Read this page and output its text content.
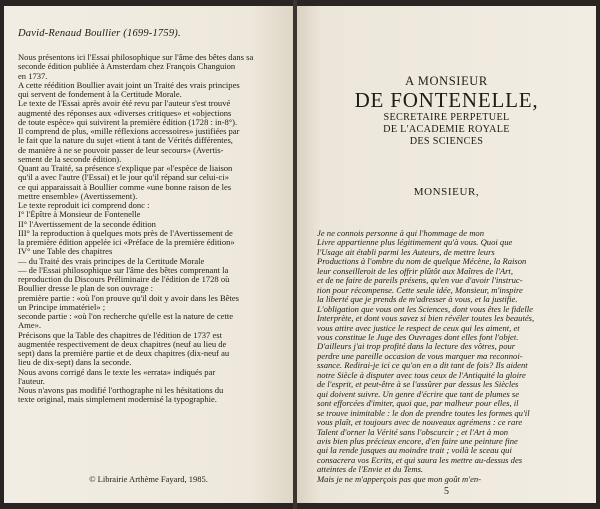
David-Renaud Boullier (1699-1759).
Nous présentons ici l'Essai philosophique sur l'âme des bêtes dans sa
seconde édition publiée à Amsterdam chez François Changuion
en 1737.
A cette réédition Boullier avait joint un Traité des vrais principes
qui servent de fondement à la Certitude Morale.
Le texte de l'Essai après avoir été revu par l'auteur s'est trouvé
augmenté des réponses aux «diverses critiques» et «objections
de toute espèce» qui suivirent la première édition (1728 : in-8°).
Il comprend de plus, «mille réflexions accessoires» justifiées par
le fait que la nature du sujet «tient à tant de Vérités différentes,
de manière à ne se pouvoir passer de leur secours» (Avertis-
sement de la seconde édition).
Quant au Traité, sa présence s'explique par «l'espèce de liaison
qu'il a avec l'autre (l'Essai) et le jour qu'il répand sur celui-ci»
ce qui apparaissait à Boullier comme «une bonne raison de les
mettre ensemble» (Avertissement).
Le texte reproduit ici comprend donc :
I° l'Épître à Monsieur de Fontenelle
II° l'Avertissement de la seconde édition
III° la reproduction à quelques mots près de l'Avertissement de
la première édition appelée ici «Préface de la première édition»
IV° une Table des chapitres
— du Traité des vrais principes de la Certitude Morale
— de l'Essai philosophique sur l'âme des bêtes comprenant la
reproduction du Discours Préliminaire de l'édition de 1728 où
Boullier dresse le plan de son ouvrage :
première partie : «où l'on prouve qu'il doit y avoir dans les Bêtes
un Principe immatériel» ;
seconde partie : «où l'on recherche qu'elle est la nature de cette
Ame».
Précisons que la Table des chapitres de l'édition de 1737 est
augmentée respectivement de deux chapitres (neuf au lieu de
sept) dans la première partie et de deux chapitres (dix-neuf au
lieu de dix-sept) dans la seconde.
Nous avons corrigé dans le texte les «errata» indiqués par
l'auteur.
Nous n'avons pas modifié l'orthographe ni les hésitations du
texte original, mais simplement modernisé la typographie.
© Librairie Arthème Fayard, 1985.
A MONSIEUR
DE FONTENELLE,
SECRETAIRE PERPETUEL
DE L'ACADEMIE ROYALE
DES SCIENCES
MONSIEUR,
Je ne connois personne à qui l'hommage de mon
Livre appartienne plus légitimement qu'à vous. Quoi que
l'Usage ait établi parmi les Auteurs, de mettre leurs
Productions à l'ombre du nom de quelque Mécène, la Raison
leur conseilleroit de les offrir plûtôt aux Maîtres de l'Art,
et de ne faire de pareils présens, qu'en vue d'avoir l'instruc-
tion pour récompense. Cette seule idée, Monsieur, m'inspire
la liberté que je prends de m'adresser à vous, et la justifie.
L'obligation que vous ont les Sciences, dont vous êtes le fidelle
Interprète, et dont vous savez si bien révéler toutes les beautés,
vous attire avec justice le respect de ceux qui les aiment, et
vous constitue le Juge des Ouvrages dont elles font l'objet.
D'ailleurs j'ai trop profité dans la lecture des vôtres, pour
perdre une pareille occasion de vous marquer ma reconnoi-
ssance. Redirai-je ici ce qu'on en a dit tant de fois? Ils aident
notre Siècle à disputer avec tous ceux de l'Antiquité la gloire
de l'esprit, et peut-être à se l'assûrer par dessus les Siècles
qui doivent suivre. Un genre d'écrire que tant de plumes se
sont efforcées d'imiter, quoi que, par malheur pour elles, il
se trouve inimitable : le don de prendre toutes les formes qu'il
vous plaît, et toujours avec de nouveaux agrémens : ce rare
Talent d'orner la Vérité sans l'obscurcir ; et l'Art à mon
avis bien plus précieux encore, d'en faire une peinture fine
qui la rende jusques au moindre trait ; voilà le sceau qui
consacrera vos Ecrits, et qui saura les mettre au-dessus des
atteintes de l'Envie et du Tems.
Mais je ne m'apperçois pas que mon goût m'en-
5
